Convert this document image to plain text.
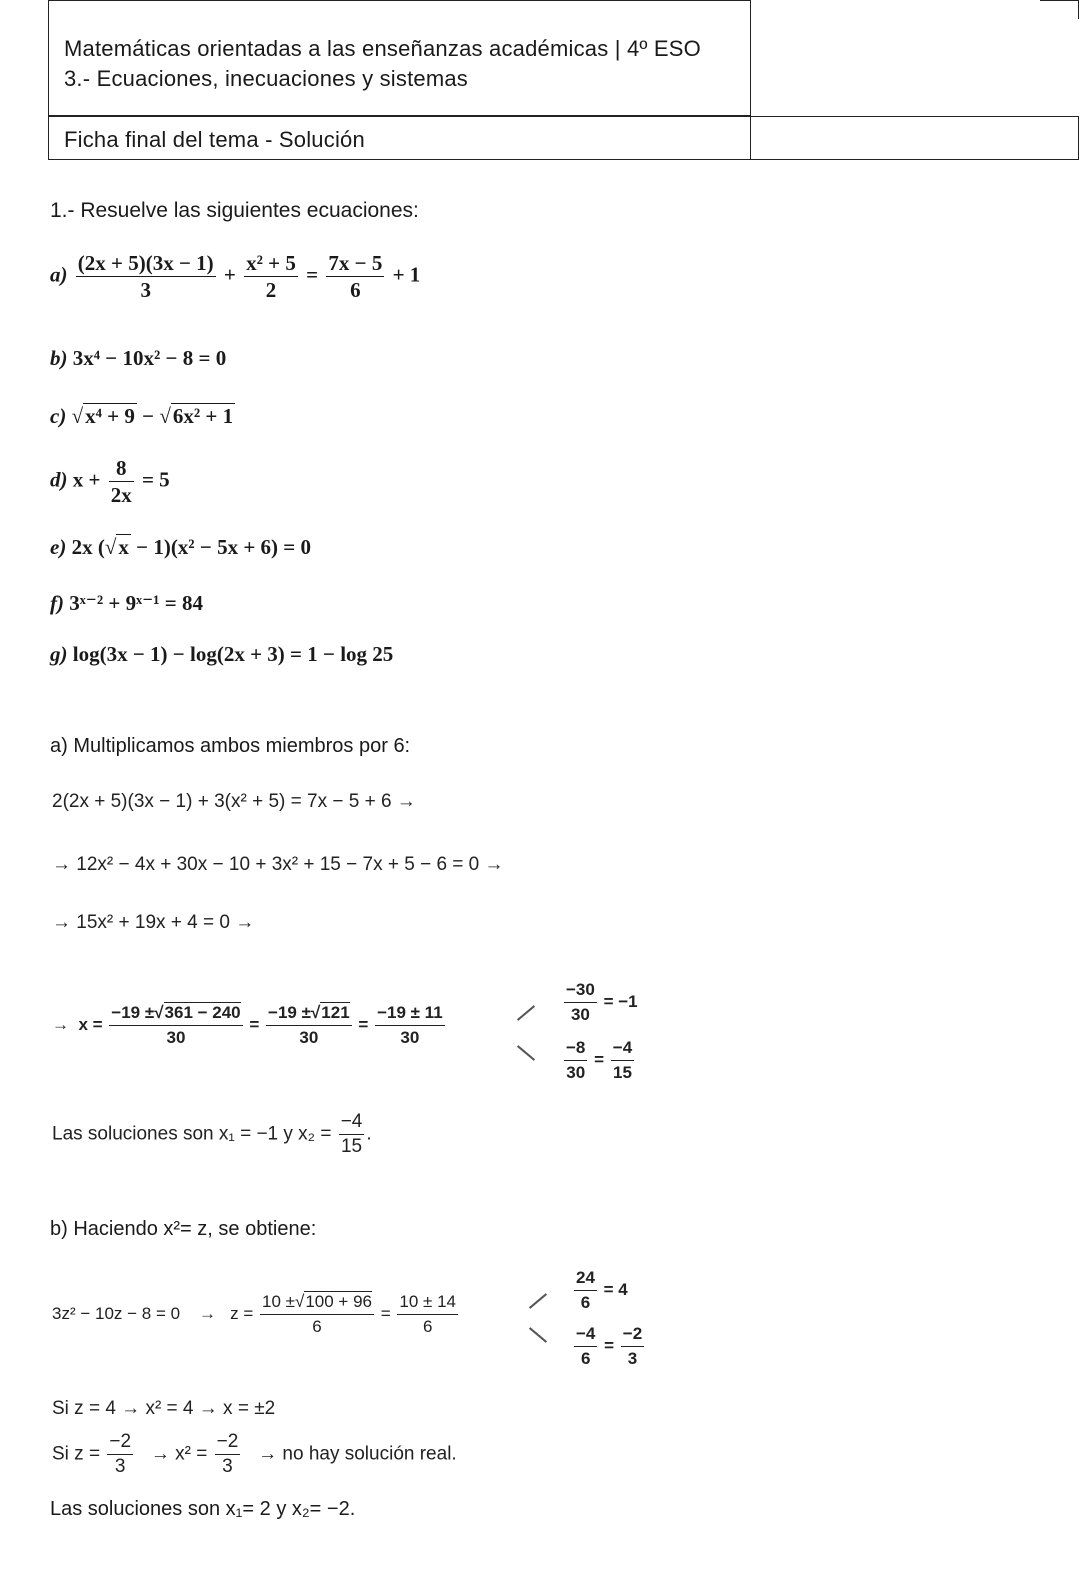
Matemáticas orientadas a las enseñanzas académicas | 4º ESO
3.- Ecuaciones, inecuaciones y sistemas
Ficha final del tema - Solución
1.- Resuelve las siguientes ecuaciones:
$a) \frac{(2x + 5)(3x - 1)}{3} + \frac{\text{x² + 5}}{2} = \frac{7x - 5}{6} + 1$
b) 3x⁴ − 10x² − 8 = 0
c) √x⁴ + 9 − √6x² + 1
d) $x + \frac{8}{2x} = 5$
e) 2x (√x − 1)(x² − 5x + 6) = 0
f) 3ˣ⁻² + 9ˣ⁻¹ = 84
g) log(3x − 1) − log(2x + 3) = 1 − log 25
a) Multiplicamos ambos miembros por 6:
2(2x + 5)(3x − 1) + 3(x² + 5) = 7x − 5 + 6 →
→ 12x² − 4x + 30x − 10 + 3x² + 15 − 7x + 5 − 6 = 0 →
→ 15x² + 19x + 4 = 0 →
→ $x = \frac{-19 \pm√361 - 240}{30} = \frac{-19 \pm√121}{30} = \frac{-19 \pm 11}{30}$	$\frac{-30}{30} = -1$
$\frac{-8}{30} = \frac{-4}{15}$
Las soluciones son x₁ = −1 y $x_2 = \frac{-4}{15}$ .
b) Haciendo x²= z, se obtiene:
$3z^2 - 10z - 8 = 0 \to z = \frac{10 \pm√100 + 96}{6} = \frac{10 \pm 14}{6}$	$\frac{24}{6} = 4$
$\frac{-4}{6} = \frac{-2}{3}$
Si z = 4 → x² = 4 → x = ±2
Si $z = \frac{-2}{3} \to x^2 = \frac{-2}{3}$ → no hay solución real.
Las soluciones son x₁= 2 y x₂= −2.
